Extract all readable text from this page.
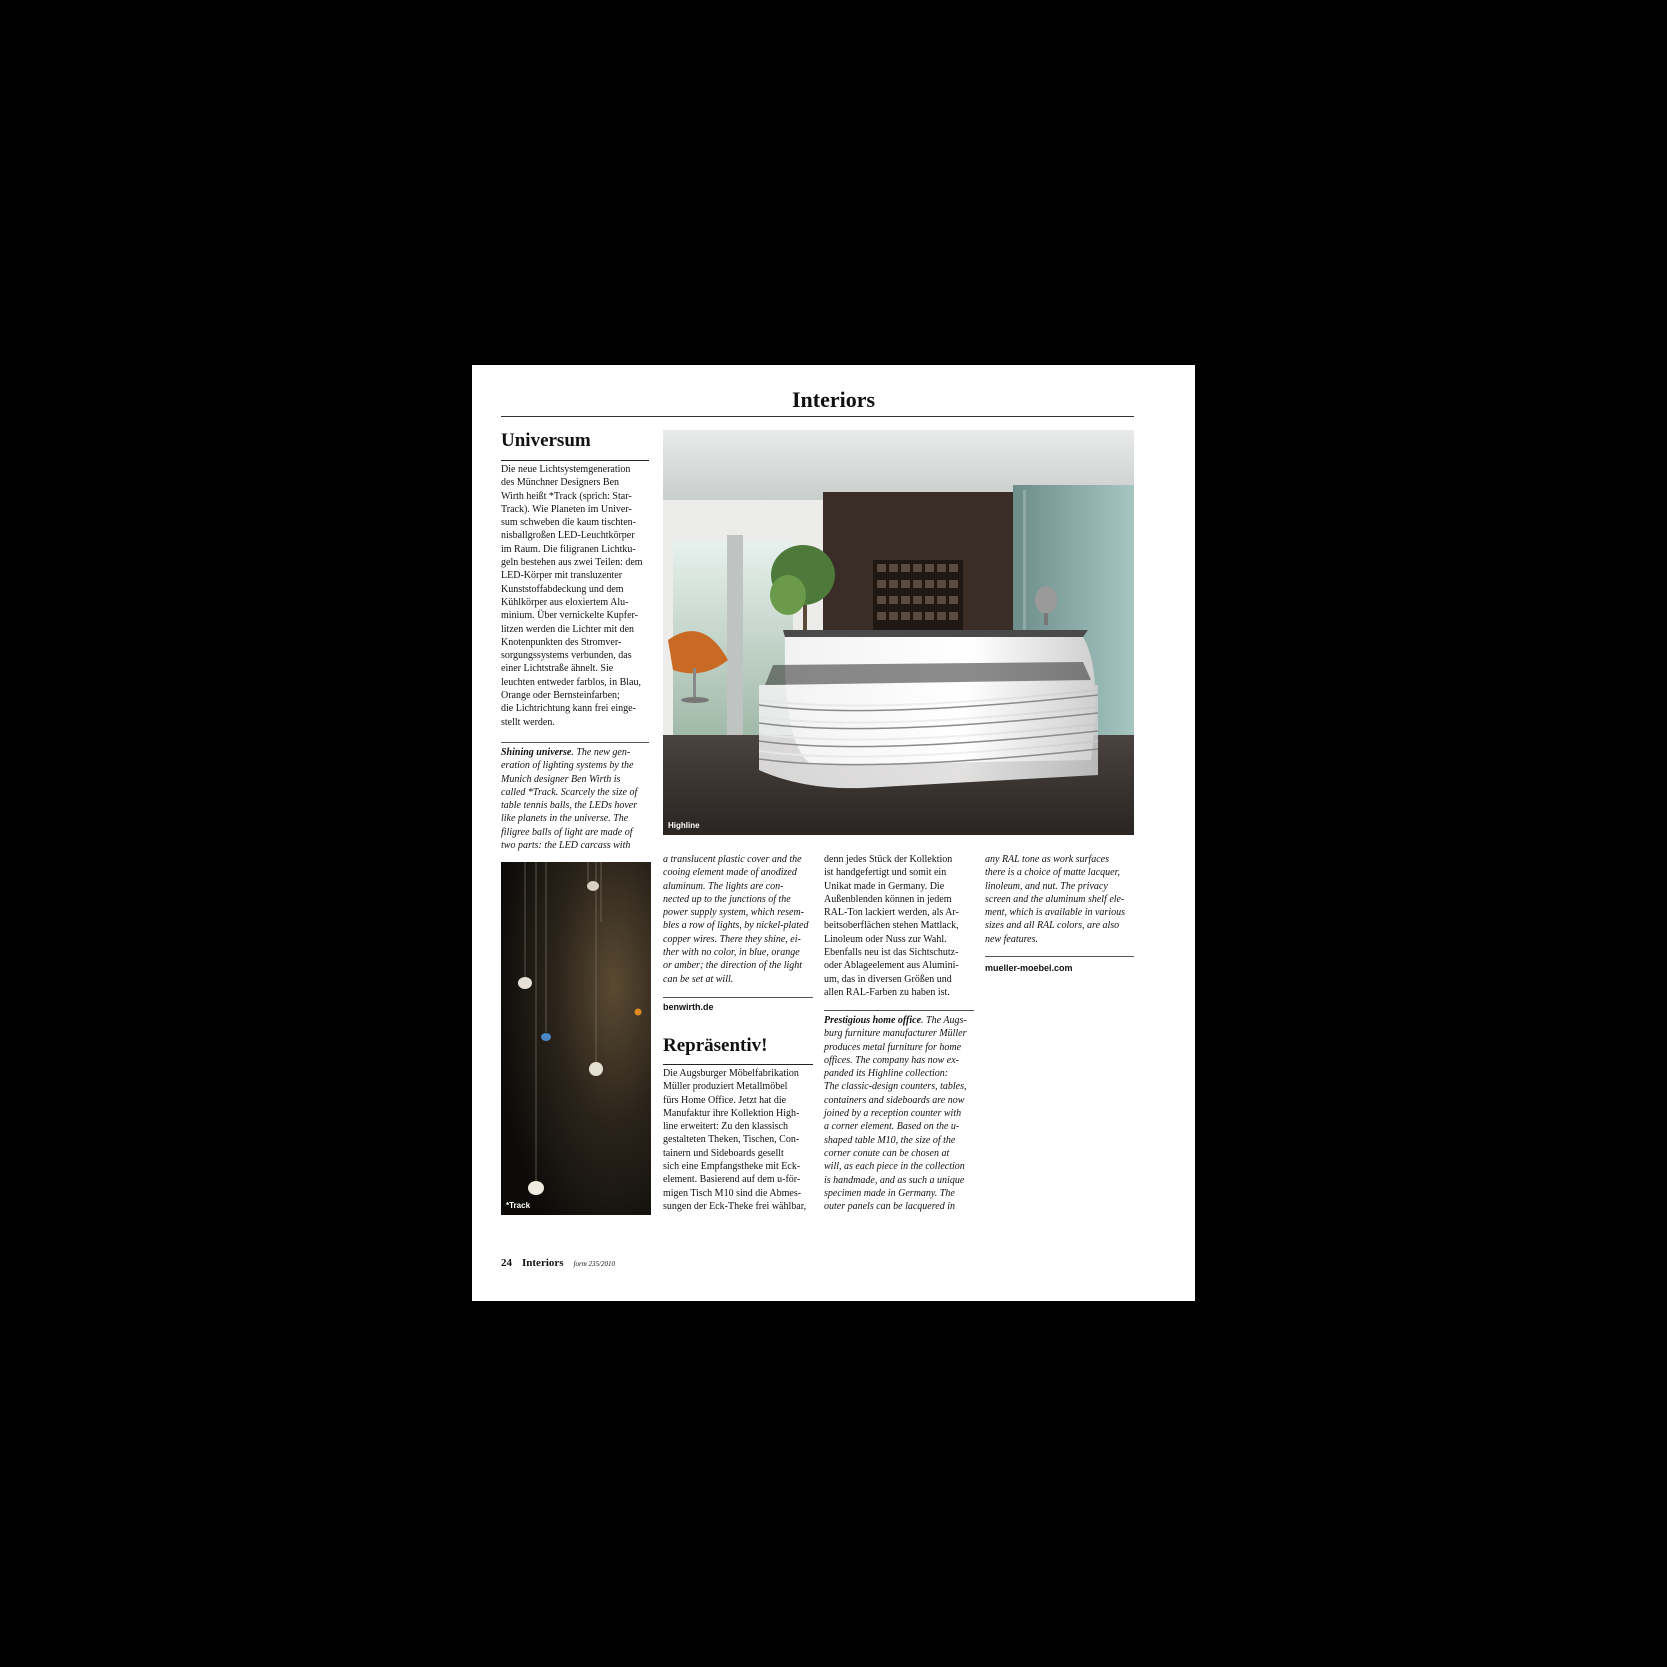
Interiors
Universum

Die neue Lichtsystemgeneration
des Münchner Designers Ben
Wirth heißt *Track (sprich: Star-
Track). Wie Planeten im Univer-
sum schweben die kaum tischten-
nisballgroßen LED-Leuchtkörper
im Raum. Die filigranen Lichtku-
geln bestehen aus zwei Teilen: dem
LED-Körper mit transluzenter
Kunststoffabdeckung und dem
Kühlkörper aus eloxiertem Alu-
minium. Über vernickelte Kupfer-
litzen werden die Lichter mit den
Knotenpunkten des Stromver-
sorgungssystems verbunden, das
einer Lichtstraße ähnelt. Sie
leuchten entweder farblos, in Blau,
Orange oder Bernsteinfarben;
die Lichtrichtung kann frei einge-
stellt werden.

Shining universe. The new gen-
eration of lighting systems by the
Munich designer Ben Wirth is
called *Track. Scarcely the size of
table tennis balls, the LEDs hover
like planets in the universe. The
filigree balls of light are made of
two parts: the LED carcass with

Highline
*Track

a translucent plastic cover and the
cooing element made of anodized
aluminum. The lights are con-
nected up to the junctions of the
power supply system, which resem-
bles a row of lights, by nickel-plated
copper wires. There they shine, ei-
ther with no color, in blue, orange
or amber; the direction of the light
can be set at will.

benwirth.de

Repräsentiv!

Die Augsburger Möbelfabrikation
Müller produziert Metallmöbel
fürs Home Office. Jetzt hat die
Manufaktur ihre Kollektion High-
line erweitert: Zu den klassisch
gestalteten Theken, Tischen, Con-
tainern und Sideboards gesellt
sich eine Empfangstheke mit Eck-
element. Basierend auf dem u-för-
migen Tisch M10 sind die Abmes-
sungen der Eck-Theke frei wählbar,

denn jedes Stück der Kollektion
ist handgefertigt und somit ein
Unikat made in Germany. Die
Außenblenden können in jedem
RAL-Ton lackiert werden, als Ar-
beitsoberflächen stehen Mattlack,
Linoleum oder Nuss zur Wahl.
Ebenfalls neu ist das Sichtschutz-
oder Ablageelement aus Alumini-
um, das in diversen Größen und
allen RAL-Farben zu haben ist.

Prestigious home office. The Augs-
burg furniture manufacturer Müller
produces metal furniture for home
offices. The company has now ex-
panded its Highline collection:
The classic-design counters, tables,
containers and sideboards are now
joined by a reception counter with
a corner element. Based on the u-
shaped table M10, the size of the
corner conute can be chosen at
will, as each piece in the collection
is handmade, and as such a unique
specimen made in Germany. The
outer panels can be lacquered in

any RAL tone as work surfaces
there is a choice of matte lacquer,
linoleum, and nut. The privacy
screen and the aluminum shelf ele-
ment, which is available in various
sizes and all RAL colors, are also
new features.

mueller-moebel.com

24 Interiors form 235/2010
